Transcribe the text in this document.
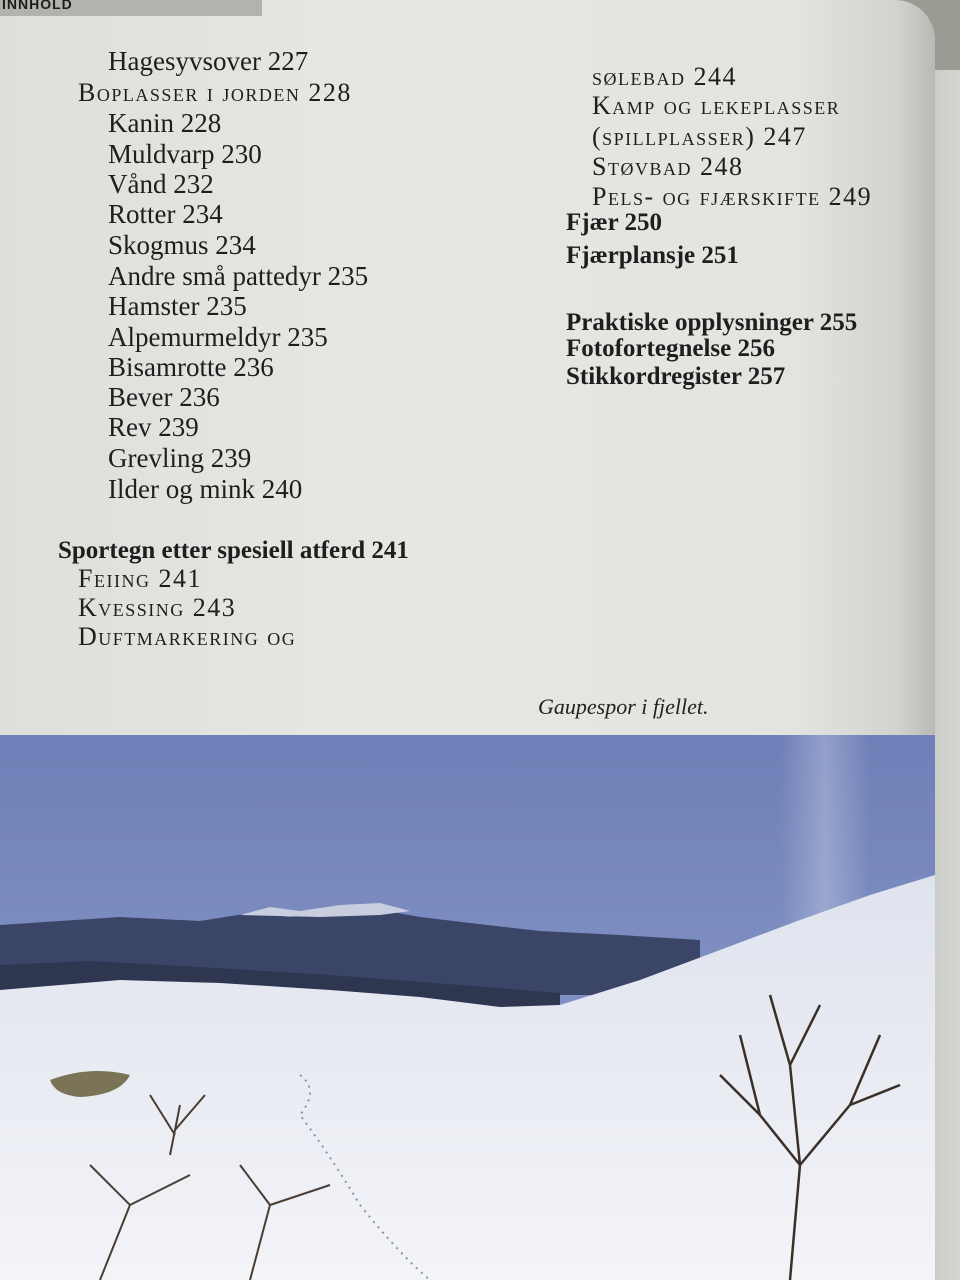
INNHOLD
Hagesyvsover 227
Boplasser i jorden 228
Kanin 228
Muldvarp 230
Vånd 232
Rotter 234
Skogmus 234
Andre små pattedyr 235
Hamster 235
Alpemurmeldyr 235
Bisamrotte 236
Bever 236
Rev 239
Grevling 239
Ilder og mink 240
Sportegn etter spesiell atferd 241
Feiing 241
Kvessing 243
Duftmarkering og
sølebad 244
Kamp og lekeplasser
(spillplasser) 247
Støvbad 248
Pels- og fjærskifte 249
Fjær 250
Fjærplansje 251
Praktiske opplysninger 255
Fotofortegnelse 256
Stikkordregister 257
Gaupespor i fjellet.
